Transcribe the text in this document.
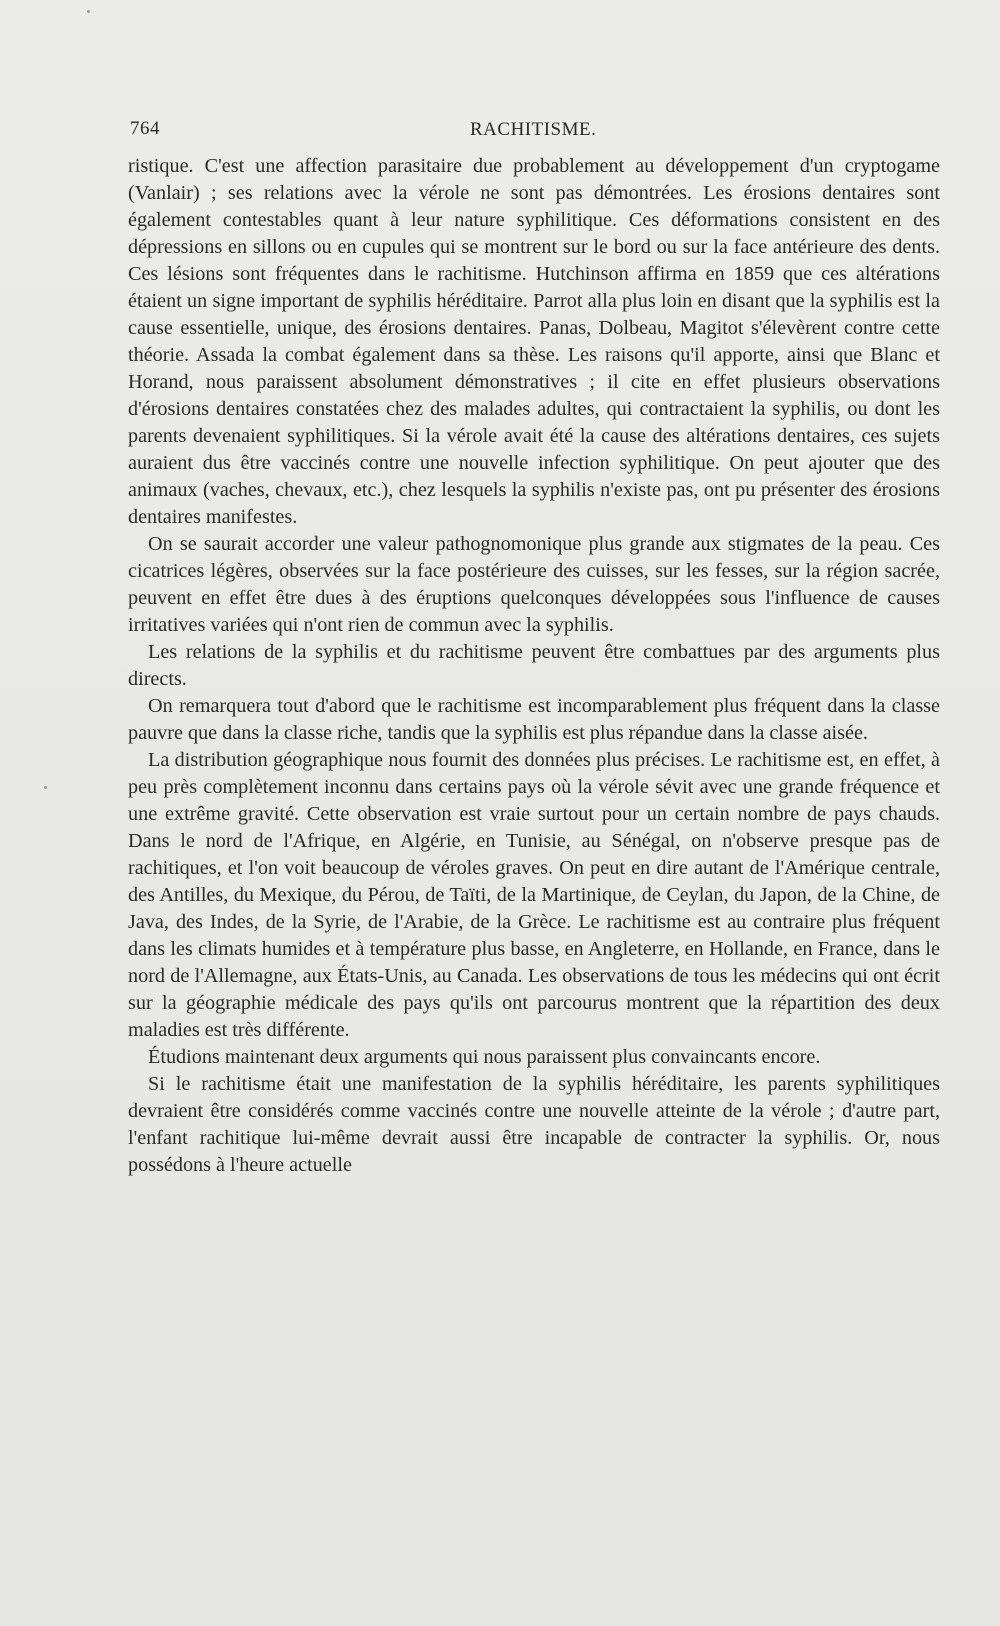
764	RACHITISME.

ristique. C'est une affection parasitaire due probablement au développement d'un cryptogame (Vanlair) ; ses relations avec la vérole ne sont pas démontrées. Les érosions dentaires sont également contestables quant à leur nature syphilitique. Ces déformations consistent en des dépressions en sillons ou en cupules qui se montrent sur le bord ou sur la face antérieure des dents. Ces lésions sont fréquentes dans le rachitisme. Hutchinson affirma en 1859 que ces altérations étaient un signe important de syphilis héréditaire. Parrot alla plus loin en disant que la syphilis est la cause essentielle, unique, des érosions dentaires. Panas, Dolbeau, Magitot s'élevèrent contre cette théorie. Assada la combat également dans sa thèse. Les raisons qu'il apporte, ainsi que Blanc et Horand, nous paraissent absolument démonstratives ; il cite en effet plusieurs observations d'érosions dentaires constatées chez des malades adultes, qui contractaient la syphilis, ou dont les parents devenaient syphilitiques. Si la vérole avait été la cause des altérations dentaires, ces sujets auraient dus être vaccinés contre une nouvelle infection syphilitique. On peut ajouter que des animaux (vaches, chevaux, etc.), chez lesquels la syphilis n'existe pas, ont pu présenter des érosions dentaires manifestes.

On se saurait accorder une valeur pathognomonique plus grande aux stigmates de la peau. Ces cicatrices légères, observées sur la face postérieure des cuisses, sur les fesses, sur la région sacrée, peuvent en effet être dues à des éruptions quelconques développées sous l'influence de causes irritatives variées qui n'ont rien de commun avec la syphilis.

Les relations de la syphilis et du rachitisme peuvent être combattues par des arguments plus directs.

On remarquera tout d'abord que le rachitisme est incomparablement plus fréquent dans la classe pauvre que dans la classe riche, tandis que la syphilis est plus répandue dans la classe aisée.

La distribution géographique nous fournit des données plus précises. Le rachitisme est, en effet, à peu près complètement inconnu dans certains pays où la vérole sévit avec une grande fréquence et une extrême gravité. Cette observation est vraie surtout pour un certain nombre de pays chauds. Dans le nord de l'Afrique, en Algérie, en Tunisie, au Sénégal, on n'observe presque pas de rachitiques, et l'on voit beaucoup de véroles graves. On peut en dire autant de l'Amérique centrale, des Antilles, du Mexique, du Pérou, de Taïti, de la Martinique, de Ceylan, du Japon, de la Chine, de Java, des Indes, de la Syrie, de l'Arabie, de la Grèce. Le rachitisme est au contraire plus fréquent dans les climats humides et à température plus basse, en Angleterre, en Hollande, en France, dans le nord de l'Allemagne, aux États-Unis, au Canada. Les observations de tous les médecins qui ont écrit sur la géographie médicale des pays qu'ils ont parcourus montrent que la répartition des deux maladies est très différente.

Étudions maintenant deux arguments qui nous paraissent plus convaincants encore.

Si le rachitisme était une manifestation de la syphilis héréditaire, les parents syphilitiques devraient être considérés comme vaccinés contre une nouvelle atteinte de la vérole ; d'autre part, l'enfant rachitique lui-même devrait aussi être incapable de contracter la syphilis. Or, nous possédons à l'heure actuelle
